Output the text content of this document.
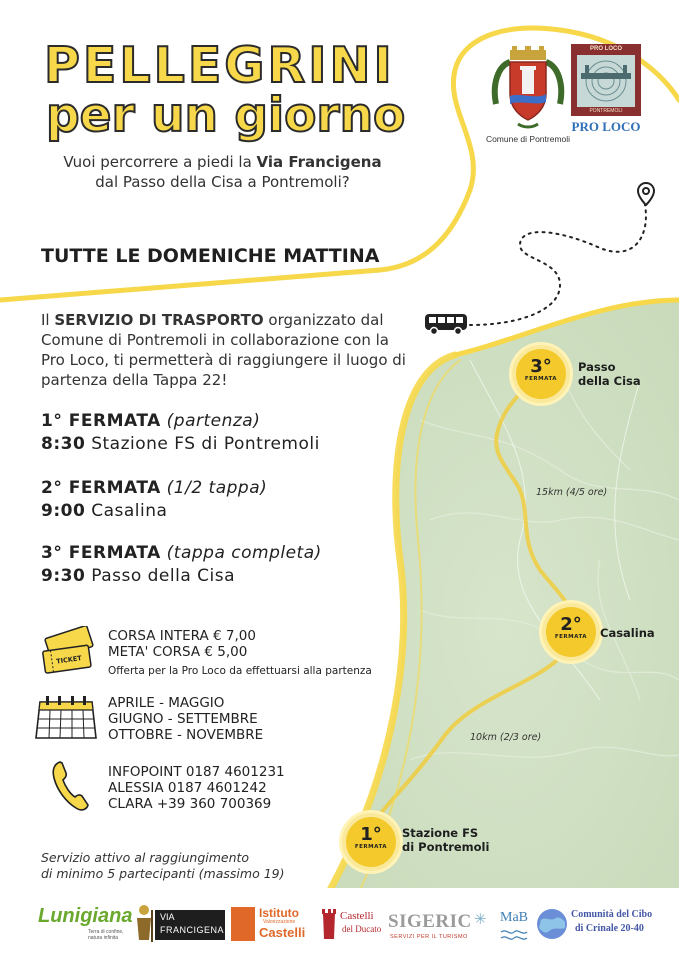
PELLEGRINI
per un giorno
Vuoi percorrere a piedi la Via Francigena
dal Passo della Cisa a Pontremoli?
Comune di Pontremoli
PRO LOCO
PONTREMOLI
PRO LOCO
TUTTE LE DOMENICHE MATTINA
Il SERVIZIO DI TRASPORTO organizzato dal Comune di Pontremoli in collaborazione con la Pro Loco, ti permetterà di raggiungere il luogo di partenza della Tappa 22!
1° FERMATA (partenza)
8:30 Stazione FS di Pontremoli
2° FERMATA (1/2 tappa)
9:00 Casalina
3° FERMATA (tappa completa)
9:30 Passo della Cisa
TICKET
CORSA INTERA € 7,00
META' CORSA € 5,00
Offerta per la Pro Loco da effettuarsi alla partenza
APRILE - MAGGIO
GIUGNO - SETTEMBRE
OTTOBRE - NOVEMBRE
INFOPOINT 0187 4601231
ALESSIA 0187 4601242
CLARA +39 360 700369
Servizio attivo al raggiungimento
di minimo 5 partecipanti (massimo 19)
3°
FERMATA
Passo
della Cisa
2°
FERMATA	Casalina
1°
FERMATA
Stazione FS
di Pontremoli
15km (4/5 ore)
10km (2/3 ore)
Lunigiana
Terra di confine, natura infinita
VIA
FRANCIGENA
Istituto
Valorizzazione
Castelli
Castelli
del Ducato SIGERIC ✳
SERVIZI PER IL TURISMO
MaB	Comunità del Cibo
di Crinale 20-40
